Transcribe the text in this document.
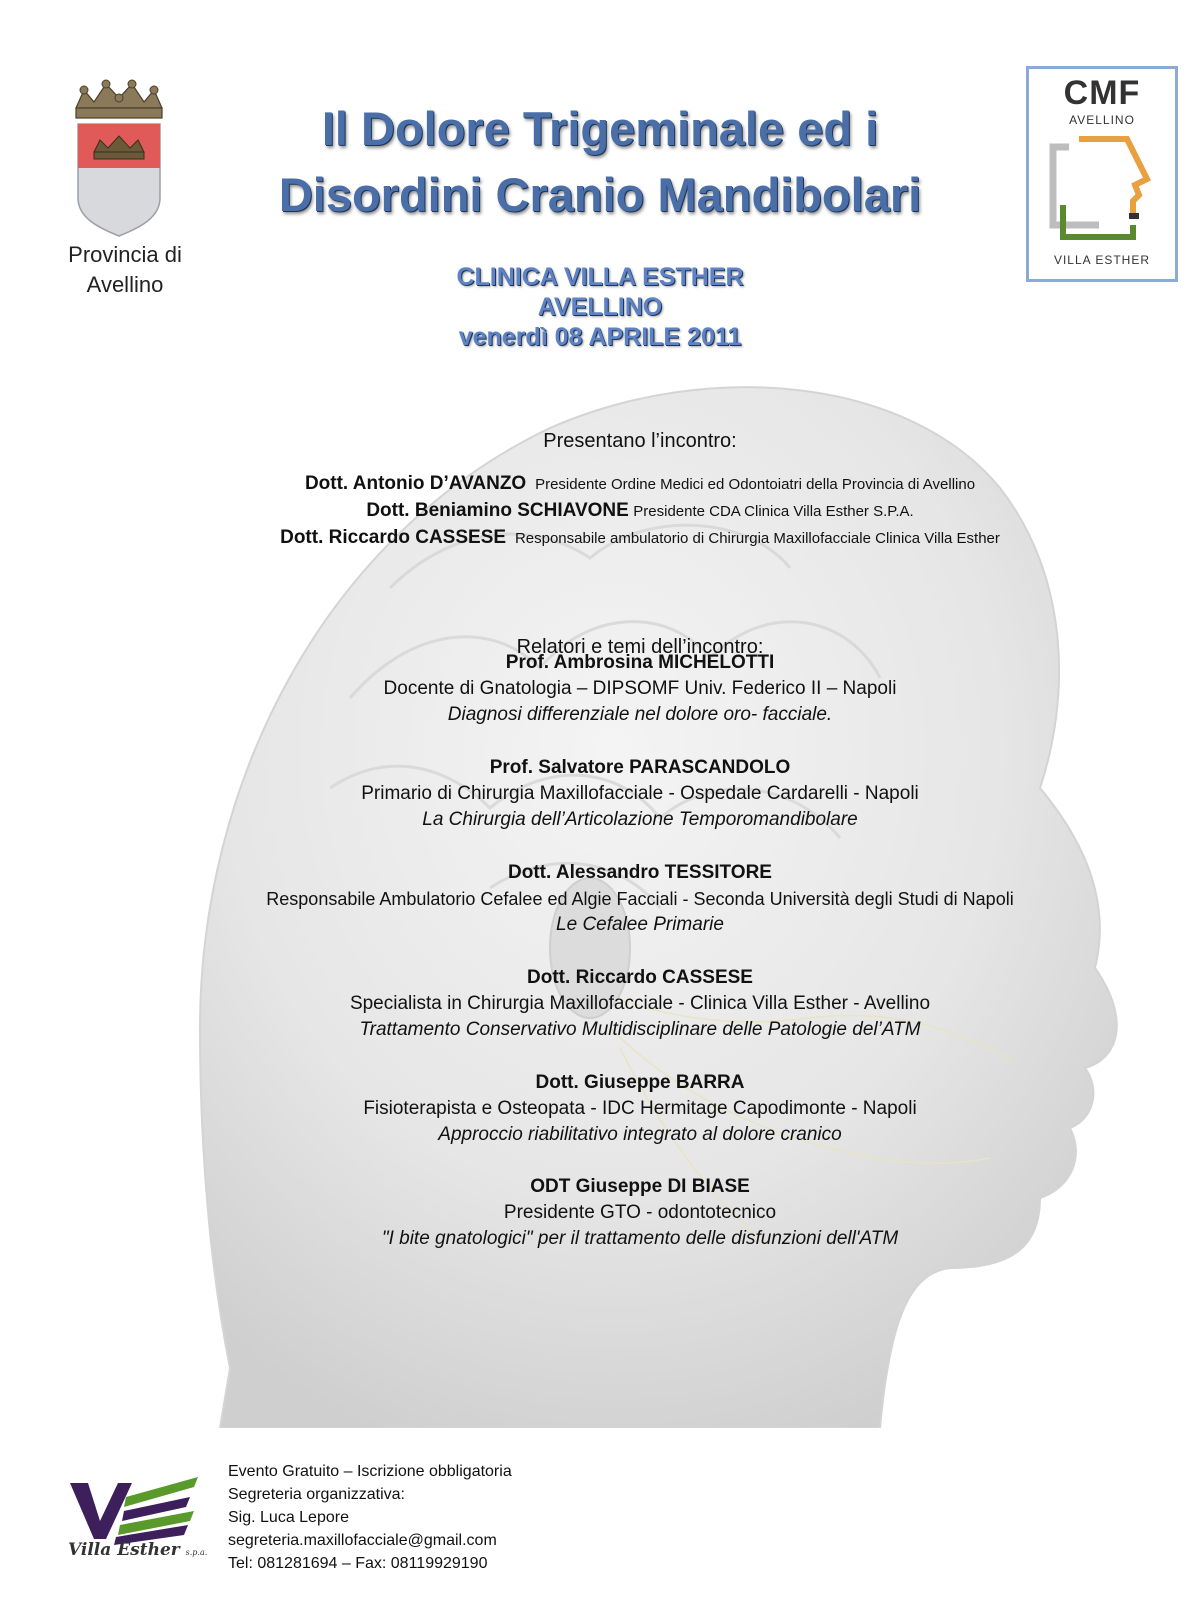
Provincia di
Avellino
Il Dolore Trigeminale ed i
Disordini Cranio Mandibolari
CLINICA VILLA ESTHER
AVELLINO
venerdì 08 APRILE 2011
CMF
AVELLINO
VILLA ESTHER
Presentano l’incontro:
Dott. Antonio D’AVANZO Presidente Ordine Medici ed Odontoiatri della Provincia di Avellino
Dott. Beniamino SCHIAVONE Presidente CDA Clinica Villa Esther S.P.A.
Dott. Riccardo CASSESE Responsabile ambulatorio di Chirurgia Maxillofacciale Clinica Villa Esther
Relatori e temi dell’incontro:
Prof. Ambrosina MICHELOTTI
Docente di Gnatologia – DIPSOMF Univ. Federico II – Napoli
Diagnosi differenziale nel dolore oro- facciale.
Prof. Salvatore PARASCANDOLO
Primario di Chirurgia Maxillofacciale - Ospedale Cardarelli - Napoli
La Chirurgia dell’Articolazione Temporomandibolare
Dott. Alessandro TESSITORE
Responsabile Ambulatorio Cefalee ed Algie Facciali - Seconda Università degli Studi di Napoli
Le Cefalee Primarie
Dott. Riccardo CASSESE
Specialista in Chirurgia Maxillofacciale - Clinica Villa Esther - Avellino
Trattamento Conservativo Multidisciplinare delle Patologie del’ATM
Dott. Giuseppe BARRA
Fisioterapista e Osteopata - IDC Hermitage Capodimonte - Napoli
Approccio riabilitativo integrato al dolore cranico
ODT Giuseppe DI BIASE
Presidente GTO - odontotecnico
"I bite gnatologici" per il trattamento delle disfunzioni dell'ATM
Villa Esther s.p.a.
Evento Gratuito – Iscrizione obbligatoria
Segreteria organizzativa:
Sig. Luca Lepore
segreteria.maxillofacciale@gmail.com
Tel: 081281694 – Fax: 08119929190
